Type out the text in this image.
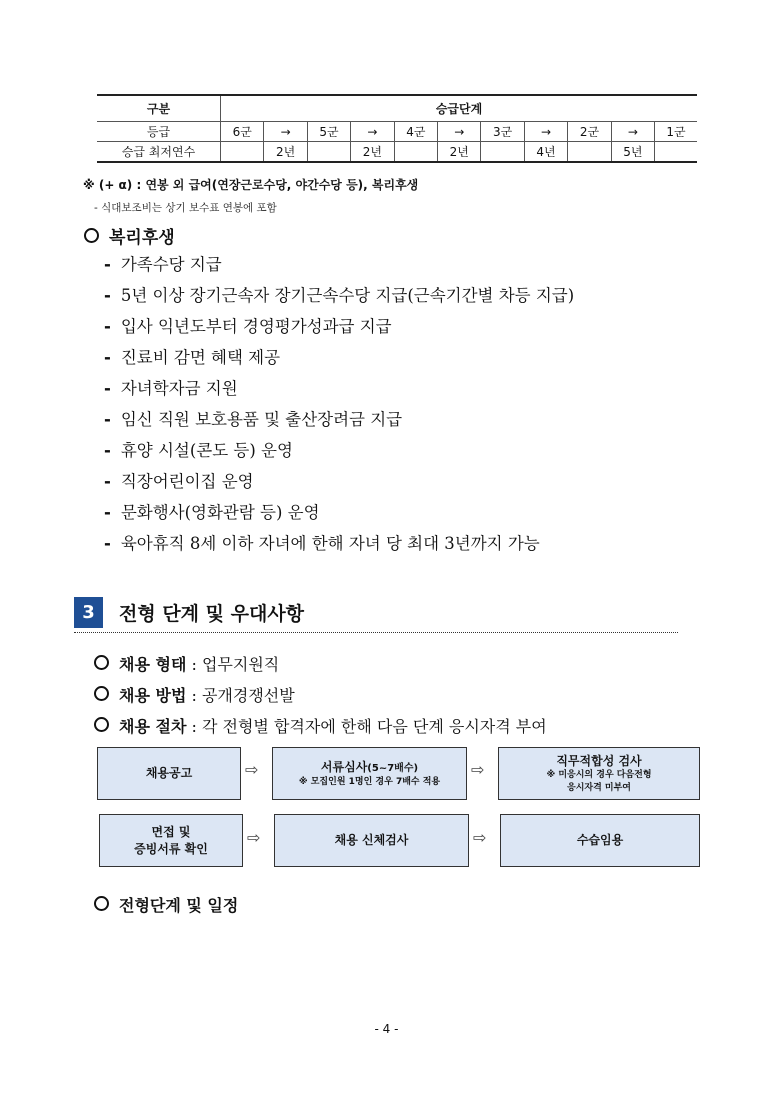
구분	승급단계										
등급	6군	→	5군	→	4군	→	3군	→	2군	→	1군
승급 최저연수		2년		2년		2년		4년		5년	
※ (+ α) : 연봉 외 급여(연장근로수당, 야간수당 등), 복리후생
- 식대보조비는 상기 보수표 연봉에 포함
복리후생
- 가족수당 지급
- 5년 이상 장기근속자 장기근속수당 지급(근속기간별 차등 지급)
- 입사 익년도부터 경영평가성과급 지급
- 진료비 감면 혜택 제공
- 자녀학자금 지원
- 임신 직원 보호용품 및 출산장려금 지급
- 휴양 시설(콘도 등) 운영
- 직장어린이집 운영
- 문화행사(영화관람 등) 운영
- 육아휴직 8세 이하 자녀에 한해 자녀 당 최대 3년까지 가능
3	전형 단계 및 우대사항
채용 형태 : 업무지원직
채용 방법 : 공개경쟁선발
채용 절차 : 각 전형별 합격자에 한해 다음 단계 응시자격 부여
채용공고	⇨	서류심사(5~7배수)
※ 모집인원 1명인 경우 7배수 적용
⇨	직무적합성 검사
※ 미응시의 경우 다음전형
응시자격 미부여
면접 및
증빙서류 확인
⇨	채용 신체검사	⇨	수습임용
전형단계 및 일정
- 4 -
